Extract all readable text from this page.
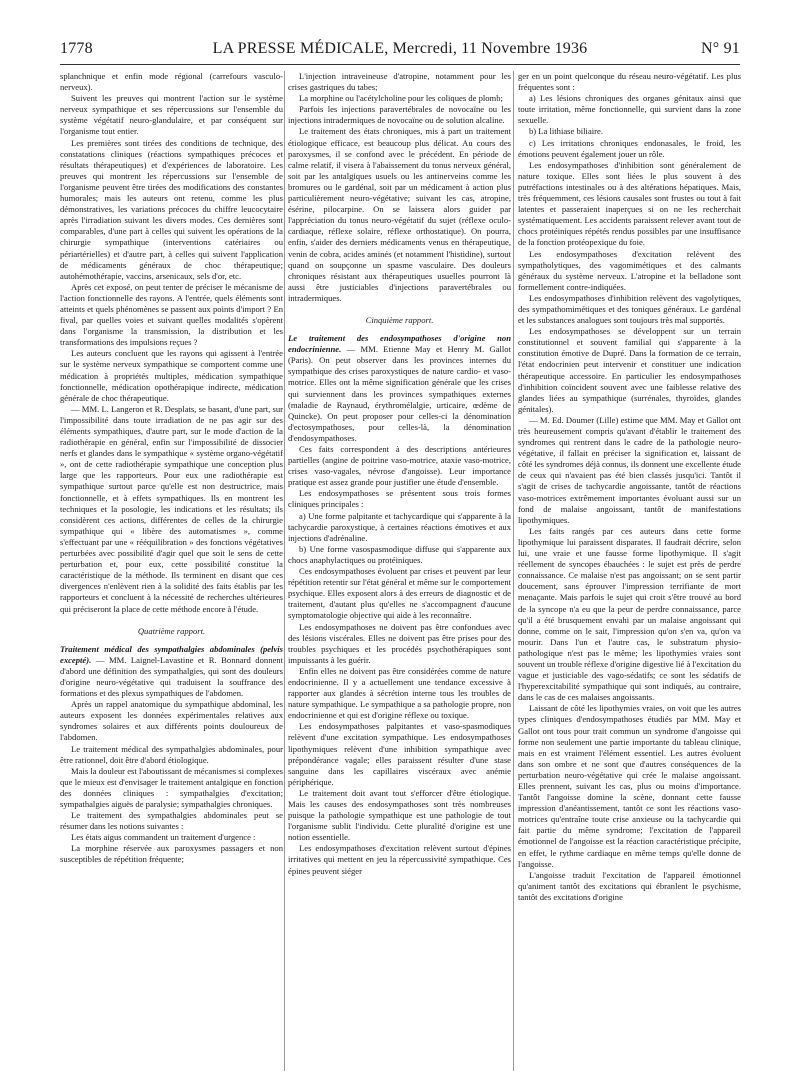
1778	LA PRESSE MÉDICALE, Mercredi, 11 Novembre 1936	N° 91

splanchnique et enfin mode régional (carrefours vasculo-nerveux).

Suivent les preuves qui montrent l'action sur le système nerveux sympathique et ses répercussions sur l'ensemble du système végétatif neuro-glandulaire, et par conséquent sur l'organisme tout entier.

Les premières sont tirées des conditions de technique, des constatations cliniques (réactions sympathiques précoces et résultats thérapeutiques) et d'expériences de laboratoire. Les preuves qui montrent les répercussions sur l'ensemble de l'organisme peuvent être tirées des modifications des constantes humorales; mais les auteurs ont retenu, comme les plus démonstratives, les variations précoces du chiffre leucocytaire après l'irradiation suivant les divers modes. Ces dernières sont comparables, d'une part à celles qui suivent les opérations de la chirurgie sympathique (interventions catériaires ou périartérielles) et d'autre part, à celles qui suivent l'application de médicaments généraux de choc thérapeutique; autohémothérapie, vaccins, arsenicaux, sels d'or, etc.

Après cet exposé, on peut tenter de préciser le mécanisme de l'action fonctionnelle des rayons. A l'entrée, quels éléments sont atteints et quels phénomènes se passent aux points d'import ? En fival, par quelles voies et suivant quelles modalités s'opèrent dans l'organisme la transmission, la distribution et les transformations des impulsions reçues ?

Les auteurs concluent que les rayons qui agissent à l'entrée sur le système nerveux sympathique se comportent comme une médication à propriétés multiples, médication sympathique fonctionnelle, médication opothérapique indirecte, médication générale de choc thérapeutique.

— MM. L. Langeron et R. Desplats, se basant, d'une part, sur l'impossibilité dans toute irradiation de ne pas agir sur des éléments sympathiques, d'autre part, sur le mode d'action de la radiothérapie en général, enfin sur l'impossibilité de dissocier nerfs et glandes dans le sympathique « système organo-végétatif », ont de cette radiothérapie sympathique une conception plus large que les rapporteurs. Pour eux une radiothérapie est sympathique surtout parce qu'elle est non destructrice, mais fonctionnelle, et à effets sympathiques. Ils en montrent les techniques et la posologie, les indications et les résultats; ils considèrent ces actions, différentes de celles de la chirurgie sympathique qui « libère des automatismes », comme s'effectuant par une « rééquilibration » des fonctions végétatives perturbées avec possibilité d'agir quel que soit le sens de cette perturbation et, pour eux, cette possibilité constitue la caractéristique de la méthode. Ils terminent en disant que ces divergences n'enlèvent rien à la solidité des faits établis par les rapporteurs et concluent à la nécessité de recherches ultérieures qui préciseront la place de cette méthode encore à l'étude.

Quatrième rapport.

Traitement médical des sympathalgies abdominales (pelvis excepté). — MM. Laignel-Lavastine et R. Bonnard donnent d'abord une définition des sympathalgies, qui sont des douleurs d'origine neuro-végétative qui traduisent la souffrance des formations et des plexus sympathiques de l'abdomen.

Après un rappel anatomique du sympathique abdominal, les auteurs exposent les données expérimentales relatives aux syndromes solaires et aux différents points douloureux de l'abdomen.

Le traitement médical des sympathalgies abdominales, pour être rationnel, doit être d'abord étiologique.

Mais la douleur est l'aboutissant de mécanismes si complexes que le mieux est d'envisager le traitement antalgique en fonction des données cliniques : sympathalgies d'excitation; sympathalgies aiguës de paralysie; sympathalgies chroniques.

Le traitement des sympathalgies abdominales peut se résumer dans les notions suivantes :

Les états aigus commandent un traitement d'urgence :

La morphine réservée aux paroxysmes passagers et non susceptibles de répétition fréquente;

L'injection intraveineuse d'atropine, notamment pour les crises gastriques du tabes;

La morphine ou l'acétylcholine pour les coliques de plomb;

Parfois les injections paravertébrales de novocaïne ou les injections intradermiques de novocaïne ou de solution alcaline.

Le traitement des états chroniques, mis à part un traitement étiologique efficace, est beaucoup plus délicat. Au cours des paroxysmes, il se confond avec le précédent. En période de calme relatif, il visera à l'abaissement du tonus nerveux général, soit par les antalgiques usuels ou les antinerveins comme les bromures ou le gardénal, soit par un médicament à action plus particulièrement neuro-végétative; suivant les cas, atropine, ésérine, pilocarpine. On se laissera alors guider par l'appréciation du tonus neuro-végétatif du sujet (réflexe oculo-cardiaque, réflexe solaire, réflexe orthostatique). On pourra, enfin, s'aider des derniers médicaments venus en thérapeutique, venin de cobra, acides aminés (et notamment l'histidine), surtout quand on soupçonne un spasme vasculaire. Des douleurs chroniques résistant aux thérapeutiques usuelles pourront là aussi être justiciables d'injections paravertébrales ou intradermiques.

Cinquième rapport.

Le traitement des endosympathoses d'origine non endocrinienne. — MM. Etienne May et Henry M. Gallot (Paris). On peut observer dans les provinces internes du sympathique des crises paroxystiques de nature cardio- et vaso-motrice. Elles ont la même signification générale que les crises qui surviennent dans les provinces sympathiques externes (maladie de Raynaud, érythromélalgie, urticaire, œdème de Quincke). On peut proposer pour celles-ci la dénomination d'ectosympathoses, pour celles-là, la dénomination d'endosympathoses.

Ces faits correspondent à des descriptions antérieures partielles (angine de poitrine vaso-motrice, ataxie vaso-motrice, crises vaso-vagales, névrose d'angoisse). Leur importance pratique est assez grande pour justifier une étude d'ensemble.

Les endosympathoses se présentent sous trois formes cliniques principales :

a) Une forme palpitante et tachycardique qui s'apparente à la tachycardie paroxystique, à certaines réactions émotives et aux injections d'adrénaline.

b) Une forme vasospasmodique diffuse qui s'apparente aux chocs anaphylactiques ou protéiniques.

Ces endosympathoses évoluent par crises et peuvent par leur répétition retentir sur l'état général et même sur le comportement psychique. Elles exposent alors à des erreurs de diagnostic et de traitement, d'autant plus qu'elles ne s'accompagnent d'aucune symptomatologie objective qui aide à les reconnaître.

Les endosympathoses ne doivent pas être confondues avec des lésions viscérales. Elles ne doivent pas être prises pour des troubles psychiques et les procédés psychothérapiques sont impuissants à les guérir.

Enfin elles ne doivent pas être considérées comme de nature endocrinienne. Il y a actuellement une tendance excessive à rapporter aux glandes à sécrétion interne tous les troubles de nature sympathique. Le sympathique a sa pathologie propre, non endocrinienne et qui est d'origine réflexe ou toxique.

Les endosympathoses palpitantes et vaso-spasmodiques relèvent d'une excitation sympathique. Les endosympathoses lipothymiques relèvent d'une inhibition sympathique avec prépondérance vagale; elles paraissent résulter d'une stase sanguine dans les capillaires viscéraux avec anémie périphérique.

Le traitement doit avant tout s'efforcer d'être étiologique. Mais les causes des endosympathoses sont très nombreuses puisque la pathologie sympathique est une pathologie de tout l'organisme sublit l'individu. Cette pluralité d'origine est une notion essentielle.

Les endosympathoses d'excitation relèvent surtout d'épines irritatives qui mettent en jeu la répercussivité sympathique. Ces épines peuvent siéger

ger en un point quelconque du réseau neuro-végétatif. Les plus fréquentes sont :

a) Les lésions chroniques des organes génitaux ainsi que toute irritation, même fonctionnelle, qui survient dans la zone sexuelle.

b) La lithiase biliaire.

c) Les irritations chroniques endonasales, le froid, les émotions peuvent également jouer un rôle.

Les endosympathoses d'inhibition sont généralement de nature toxique. Elles sont liées le plus souvent à des putréfactions intestinales ou à des altérations hépatiques. Mais, très fréquemment, ces lésions causales sont frustes ou tout à fait latentes et passeraient inaperçues si on ne les recherchait systématiquement. Les accidents paraissent relever avant tout de chocs protéiniques répétés rendus possibles par une insuffisance de la fonction protéopexique du foie.

Les endosympathoses d'excitation relèvent des sympatholytiques, des vagomimétiques et des calmants généraux du système nerveux. L'atropine et la belladone sont formellement contre-indiquées.

Les endosympathoses d'inhibition relèvent des vagolytiques, des sympathomimétiques et des toniques généraux. Le gardénal et les substances analogues sont toujours très mal supportés.

Les endosympathoses se développent sur un terrain constitutionnel et souvent familial qui s'apparente à la constitution émotive de Dupré. Dans la formation de ce terrain, l'état endocrinien peut intervenir et constituer une indication thérapeutique accessoire. En particulier les endosympathoses d'inhibition coïncident souvent avec une faiblesse relative des glandes liées au sympathique (surrénales, thyroïdes, glandes génitales).

— M. Ed. Doumer (Lille) estime que MM. May et Gallot ont très heureusement compris qu'avant d'établir le traitement des syndromes qui rentrent dans le cadre de la pathologie neuro-végétative, il fallait en préciser la signification et, laissant de côté les syndromes déjà connus, ils donnent une excellente étude de ceux qui n'avaient pas été bien classés jusqu'ici. Tantôt il s'agit de crises de tachycardie angoissante, tantôt de réactions vaso-motrices extrêmement importantes évoluant aussi sur un fond de malaise angoissant, tantôt de manifestations lipothymiques.

Les faits rangés par ces auteurs dans cette forme lipothymique lui paraissent disparates. Il faudrait décrire, selon lui, une vraie et une fausse forme lipothymique. Il s'agit réellement de syncopes ébauchées : le sujet est près de perdre connaissance. Ce malaise n'est pas angoissant; on se sent partir doucement, sans éprouver l'impression terrifiante de mort menaçante. Mais parfois le sujet qui croit s'être trouvé au bord de la syncope n'a eu que la peur de perdre connaissance, parce qu'il a été brusquement envahi par un malaise angoissant qui donne, comme on le sait, l'impression qu'on s'en va, qu'on va mourir. Dans l'un et l'autre cas, le substratum physio-pathologique n'est pas le même; les lipothymies vraies sont souvent un trouble réflexe d'origine digestive lié à l'excitation du vague et justiciable des vago-sédatifs; ce sont les sédatifs de l'hyperexcitabilité sympathique qui sont indiqués, au contraire, dans le cas de ces malaises angoissants.

Laissant de côté les lipothymies vraies, on voit que les autres types cliniques d'endosympathoses étudiés par MM. May et Gallot ont tous pour trait commun un syndrome d'angoisse qui forme non seulement une partie importante du tableau clinique, mais en est vraiment l'élément essentiel. Les autres évoluent dans son ombre et ne sont que d'autres conséquences de la perturbation neuro-végétative qui crée le malaise angoissant. Elles prennent, suivant les cas, plus ou moins d'importance. Tantôt l'angoisse domine la scène, donnant cette fausse impression d'anéantissement, tantôt ce sont les réactions vaso-motrices qu'entraîne toute crise anxieuse ou la tachycardie qui fait partie du même syndrome; l'excitation de l'appareil émotionnel de l'angoisse est la réaction caractéristique précipite, en effet, le rythme cardiaque en même temps qu'elle donne de l'angoisse.

L'angoisse traduit l'excitation de l'appareil émotionnel qu'animent tantôt des excitations qui ébranlent le psychisme, tantôt des excitations d'origine
